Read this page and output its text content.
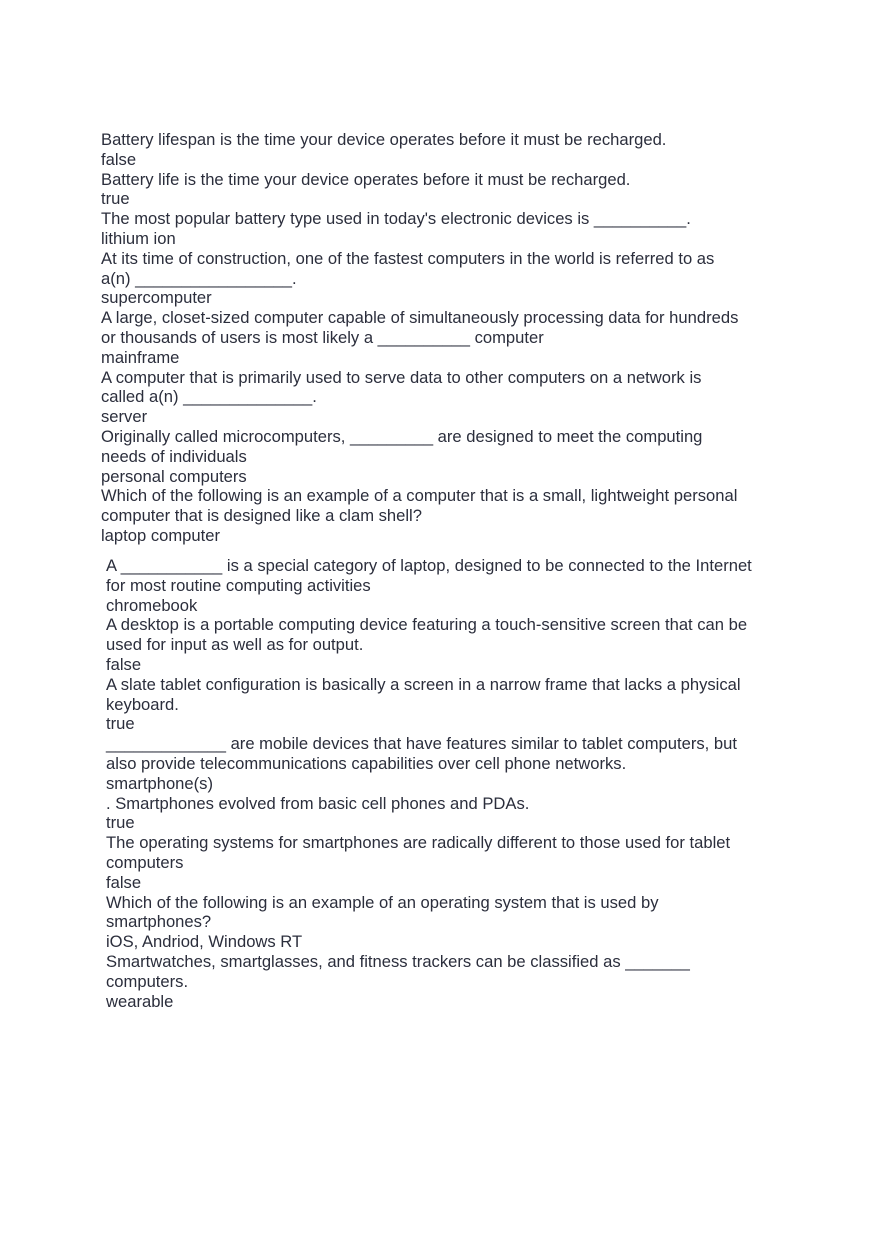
Battery lifespan is the time your device operates before it must be recharged.
false
Battery life is the time your device operates before it must be recharged.
true
The most popular battery type used in today's electronic devices is __________.
lithium ion
At its time of construction, one of the fastest computers in the world is referred to as
a(n) _________________.
supercomputer
A large, closet-sized computer capable of simultaneously processing data for hundreds
or thousands of users is most likely a __________ computer
mainframe
A computer that is primarily used to serve data to other computers on a network is
called a(n) ______________.
server
Originally called microcomputers, _________ are designed to meet the computing
needs of individuals
personal computers
Which of the following is an example of a computer that is a small, lightweight personal
computer that is designed like a clam shell?
laptop computer
A ___________ is a special category of laptop, designed to be connected to the Internet
for most routine computing activities
chromebook
A desktop is a portable computing device featuring a touch-sensitive screen that can be
used for input as well as for output.
false
A slate tablet configuration is basically a screen in a narrow frame that lacks a physical
keyboard.
true
_____________ are mobile devices that have features similar to tablet computers, but
also provide telecommunications capabilities over cell phone networks.
smartphone(s)
. Smartphones evolved from basic cell phones and PDAs.
true
The operating systems for smartphones are radically different to those used for tablet
computers
false
Which of the following is an example of an operating system that is used by
smartphones?
iOS, Andriod, Windows RT
Smartwatches, smartglasses, and fitness trackers can be classified as _______
computers.
wearable
